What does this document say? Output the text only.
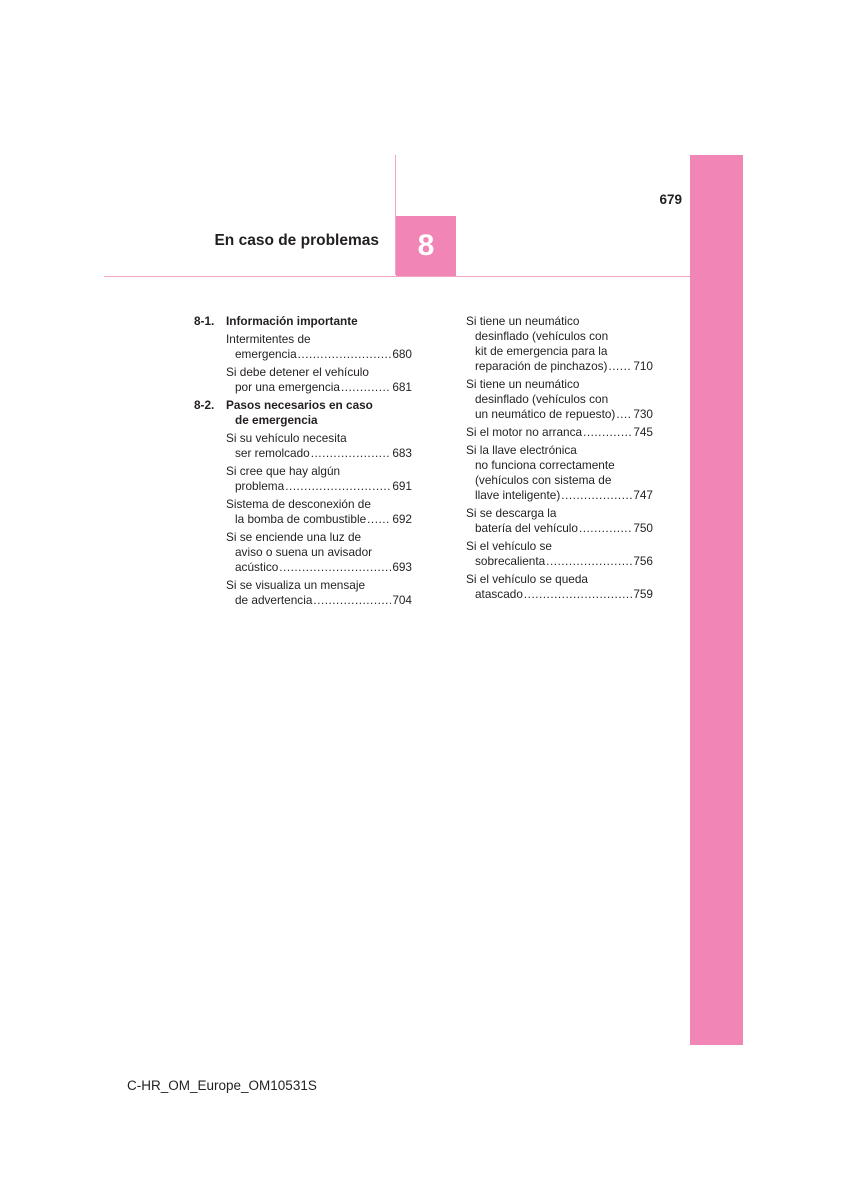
679
En caso de problemas 8
8-1. Información importante
Intermitentes de
emergencia .....	680
Si debe detener el vehículo
por una emergencia .....	681
8-2. Pasos necesarios en caso
de emergencia
Si su vehículo necesita
ser remolcado .....	683
Si cree que hay algún
problema .....	691
Sistema de desconexión de
la bomba de combustible ..... 692
Si se enciende una luz de
aviso o suena un avisador
acústico .....	693
Si se visualiza un mensaje
de advertencia .....	704
Si tiene un neumático
desinflado (vehículos con
kit de emergencia para la
reparación de pinchazos) ..... 710
Si tiene un neumático
desinflado (vehículos con
un neumático de repuesto) ..... 730
Si el motor no arranca .....	745
Si la llave electrónica
no funciona correctamente
(vehículos con sistema de
llave inteligente) .....	747
Si se descarga la
batería del vehículo .....	750
Si el vehículo se
sobrecalienta .....	756
Si el vehículo se queda
atascado .....	759
C-HR_OM_Europe_OM10531S
